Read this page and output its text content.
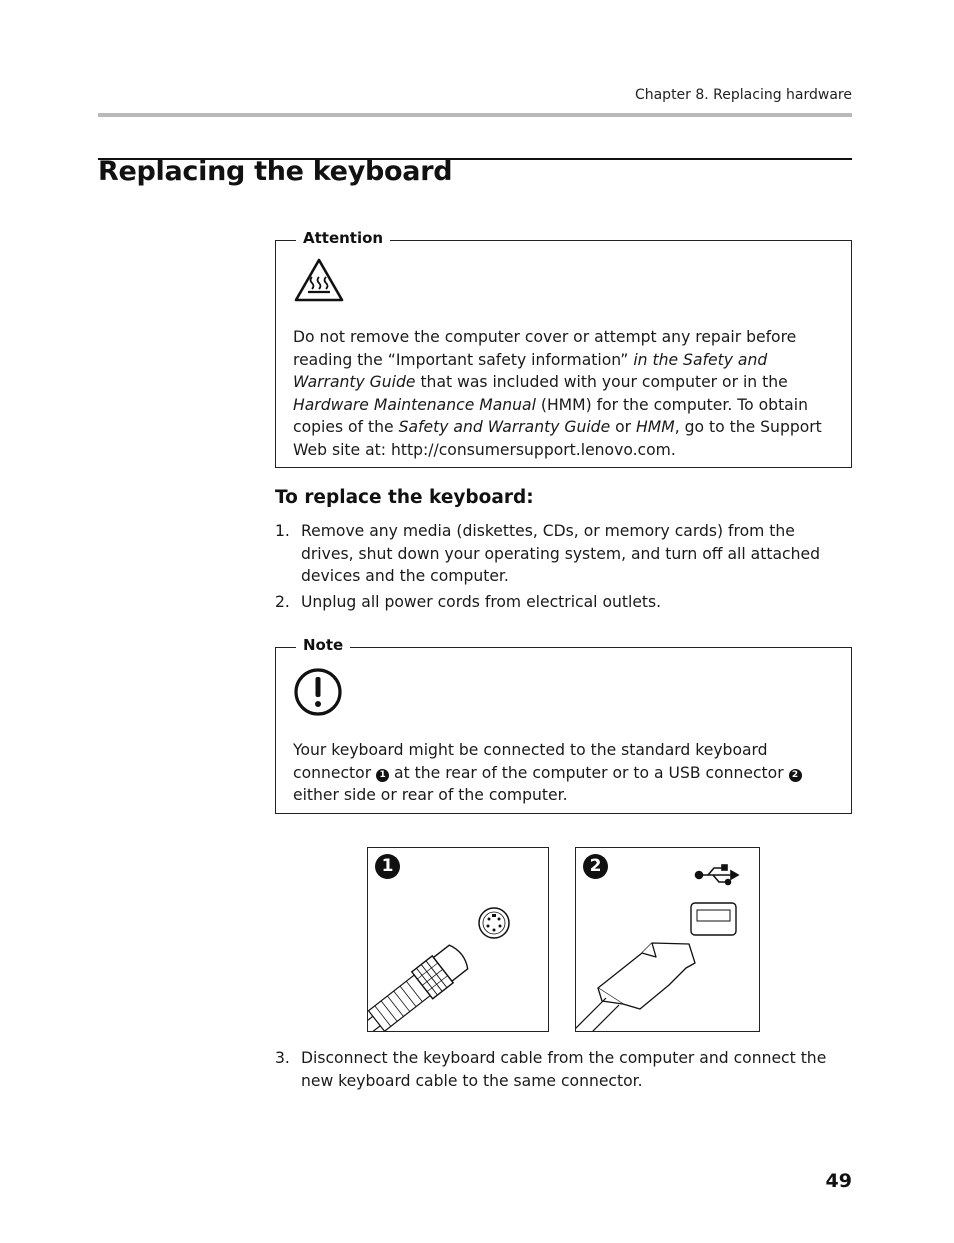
Chapter 8. Replacing hardware
Replacing the keyboard
Attention
Do not remove the computer cover or attempt any repair before reading the “Important safety information” in the Safety and Warranty Guide that was included with your computer or in the Hardware Maintenance Manual (HMM) for the computer. To obtain copies of the Safety and Warranty Guide or HMM, go to the Support Web site at: http://consumersupport.lenovo.com.
To replace the keyboard:
1. Remove any media (diskettes, CDs, or memory cards) from the drives, shut down your operating system, and turn off all attached devices and the computer.
2. Unplug all power cords from electrical outlets.
Note
Your keyboard might be connected to the standard keyboard connector 1 at the rear of the computer or to a USB connector 2 either side or rear of the computer.
1	2
3. Disconnect the keyboard cable from the computer and connect the new keyboard cable to the same connector.
49
